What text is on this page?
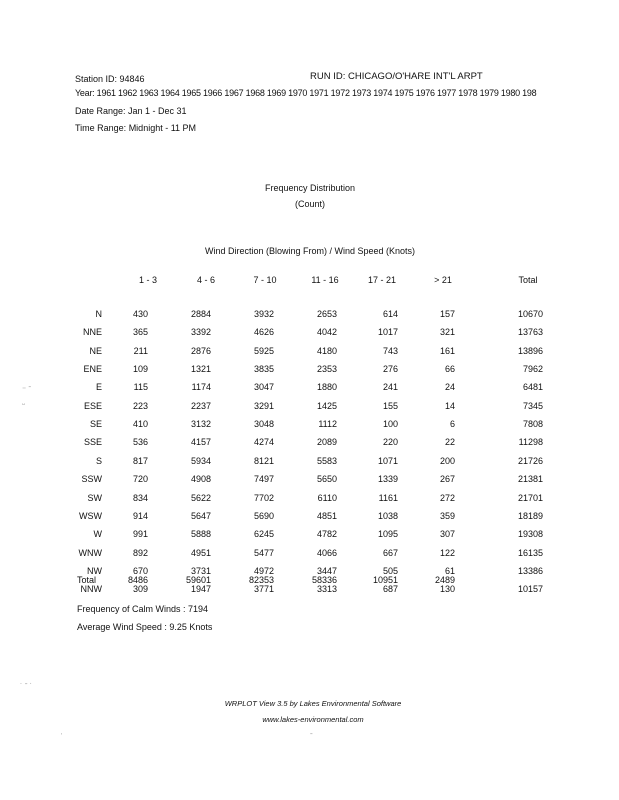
Station ID: 94846	RUN ID: CHICAGO/O'HARE INT'L ARPT
Year: 1961 1962 1963 1964 1965 1966 1967 1968 1969 1970 1971 1972 1973 1974 1975 1976 1977 1978 1979 1980 198
Date Range: Jan 1 - Dec 31
Time Range: Midnight - 11 PM
Frequency Distribution
(Count)
Wind Direction (Blowing From) / Wind Speed (Knots)
1 - 3	4 - 6	7 - 10	11 - 16	17 - 21	> 21	Total
N	430	2884	3932	2653	614	157	10670
NNE	365	3392	4626	4042	1017	321	13763
NE	211	2876	5925	4180	743	161	13896
ENE	109	1321	3835	2353	276	66	7962
E	115	1174	3047	1880	241	24	6481
ESE	223	2237	3291	1425	155	14	7345
SE	410	3132	3048	1112	100	6	7808
SSE	536	4157	4274	2089	220	22	11298
S	817	5934	8121	5583	1071	200	21726
SSW	720	4908	7497	5650	1339	267	21381
SW	834	5622	7702	6110	1161	272	21701
WSW	914	5647	5690	4851	1038	359	18189
W	991	5888	6245	4782	1095	307	19308
WNW	892	4951	5477	4066	667	122	16135
NW	670	3731	4972	3447	505	61	13386
NNW	309	1947	3771	3313	687	130	10157
Total	8486	59601	82353	58336	10951	2489
Frequency of Calm Winds : 7194
Average Wind Speed : 9.25 Knots
WRPLOT View 3.5 by Lakes Environmental Software
www.lakes-environmental.com
⁻ ˉ
ᵕ
˙ ˉ ˙
ˈ
ˍ
